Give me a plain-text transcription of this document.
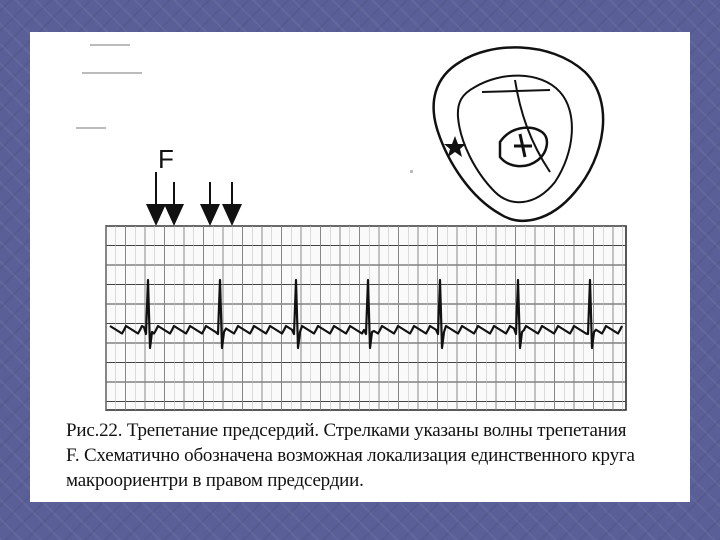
F
Рис.22. Трепетание предсердий. Стрелками указаны волны трепетания
F. Схематично обозначена возможная локализация единственного круга
макроориентри в правом предсердии.
